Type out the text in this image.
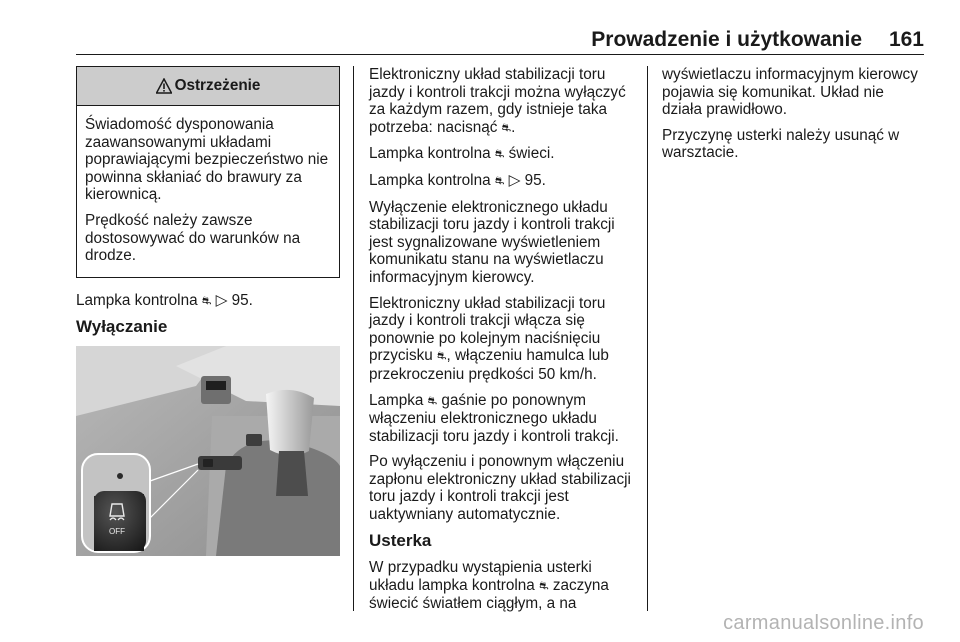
Prowadzenie i użytkowanie 161
Ostrzeżenie

Świadomość dysponowania zaawansowanymi układami poprawiającymi bezpieczeństwo nie powinna skłaniać do brawury za kierownicą.

Prędkość należy zawsze dostosowywać do warunków na drodze.

Lampka kontrolna ⛐ ▷ 95.

Wyłączanie
OFF

Elektroniczny układ stabilizacji toru jazdy i kontroli trakcji można wyłączyć za każdym razem, gdy istnieje taka potrzeba: nacisnąć ⛐.

Lampka kontrolna ⛐ świeci.

Lampka kontrolna ⛐ ▷ 95.

Wyłączenie elektronicznego układu stabilizacji toru jazdy i kontroli trakcji jest sygnalizowane wyświetleniem komunikatu stanu na wyświetlaczu informacyjnym kierowcy.

Elektroniczny układ stabilizacji toru jazdy i kontroli trakcji włącza się ponownie po kolejnym naciśnięciu przycisku ⛐, włączeniu hamulca lub przekroczeniu prędkości 50 km/h.

Lampka ⛐ gaśnie po ponownym włączeniu elektronicznego układu stabilizacji toru jazdy i kontroli trakcji.

Po wyłączeniu i ponownym włączeniu zapłonu elektroniczny układ stabilizacji toru jazdy i kontroli trakcji jest uaktywniany automatycznie.

Usterka

W przypadku wystąpienia usterki układu lampka kontrolna ⛐ zaczyna świecić światłem ciągłym, a na

wyświetlaczu informacyjnym kierowcy pojawia się komunikat. Układ nie działa prawidłowo.

Przyczynę usterki należy usunąć w warsztacie.

carmanualsonline.info
